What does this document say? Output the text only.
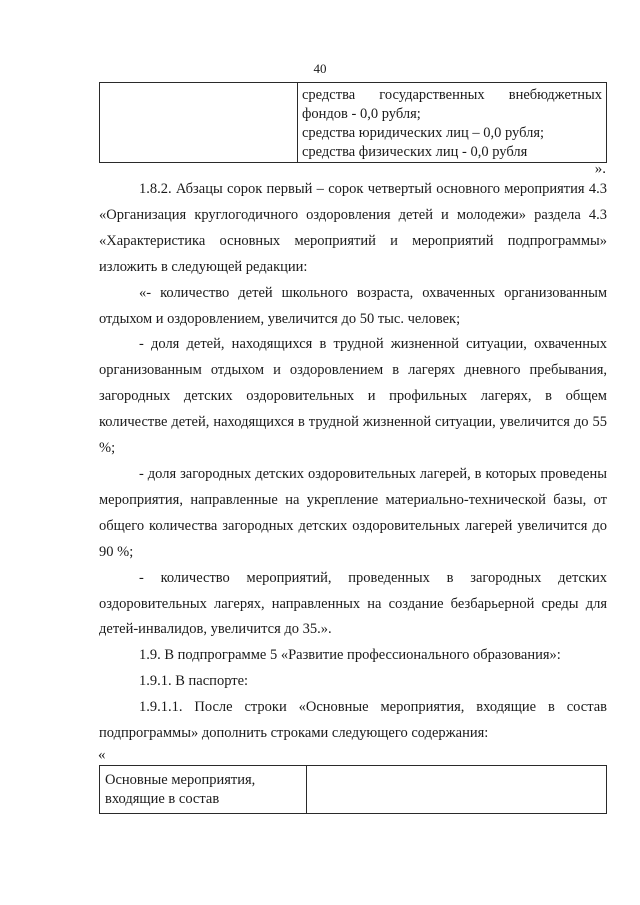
40

средства государственных внебюджетных
фондов - 0,0 рубля;
средства юридических лиц – 0,0 рубля;
средства физических лиц - 0,0 рубля
».

1.8.2. Абзацы сорок первый – сорок четвертый основного мероприятия 4.3 «Организация круглогодичного оздоровления детей и молодежи» раздела 4.3 «Характеристика основных мероприятий и мероприятий подпрограммы» изложить в следующей редакции:

«- количество детей школьного возраста, охваченных организованным отдыхом и оздоровлением, увеличится до 50 тыс. человек;

- доля детей, находящихся в трудной жизненной ситуации, охваченных организованным отдыхом и оздоровлением в лагерях дневного пребывания, загородных детских оздоровительных и профильных лагерях, в общем количестве детей, находящихся в трудной жизненной ситуации, увеличится до 55 %;

- доля загородных детских оздоровительных лагерей, в которых проведены мероприятия, направленные на укрепление материально-технической базы, от общего количества загородных детских оздоровительных лагерей увеличится до 90 %;

- количество мероприятий, проведенных в загородных детских оздоровительных лагерях, направленных на создание безбарьерной среды для детей-инвалидов, увеличится до 35.».

1.9. В подпрограмме 5 «Развитие профессионального образования»:

1.9.1. В паспорте:

1.9.1.1. После строки «Основные мероприятия, входящие в состав подпрограммы» дополнить строками следующего содержания:

«
Основные мероприятия,
входящие в состав
